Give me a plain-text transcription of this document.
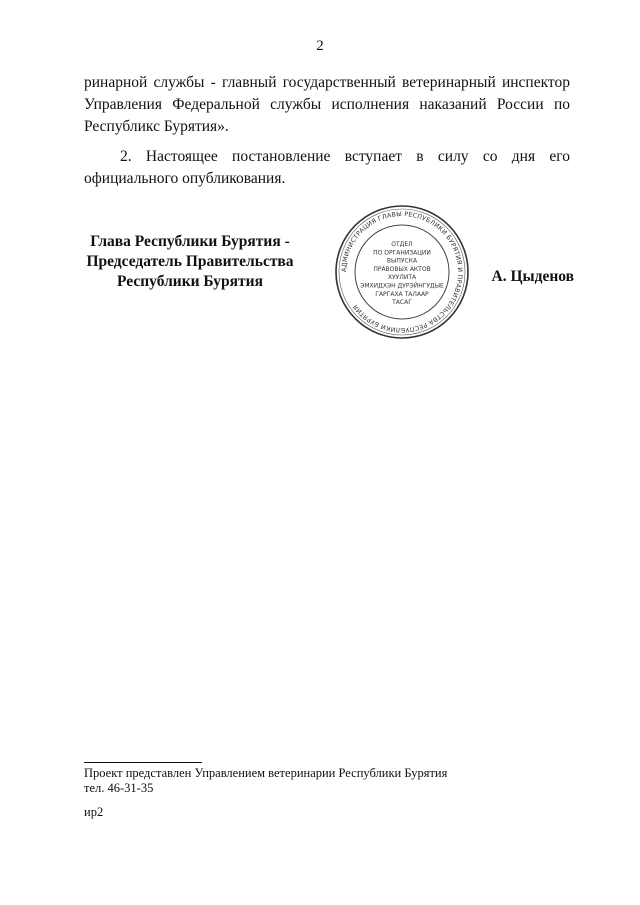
2
ринарной службы - главный государственный ветеринарный инспектор Управления Федеральной службы исполнения наказаний России по Республикс Бурятия».
2. Настоящее постановление вступает в силу со дня его официального опубликования.
Глава Республики Бурятия -
Председатель Правительства
Республики Бурятия
АДМИНИСТРАЦИЯ ГЛАВЫ РЕСПУБЛИКИ БУРЯТИЯ И ПРАВИТЕЛЬСТВА РЕСПУБЛИКИ БУРЯТИЯ
ОТДЕЛ
ПО ОРГАНИЗАЦИИ
ВЫПУСКА
ПРАВОВЫХ АКТОВ
ХУУЛИТА
ЭМХИДХЭН ДУРЭЙНГУДЫЕ
ГАРГАХА ТАЛААР
ТАСАГ
А. Цыденов
Проект представлен Управлением ветеринарии Республики Бурятия
тел. 46-31-35
ир2
